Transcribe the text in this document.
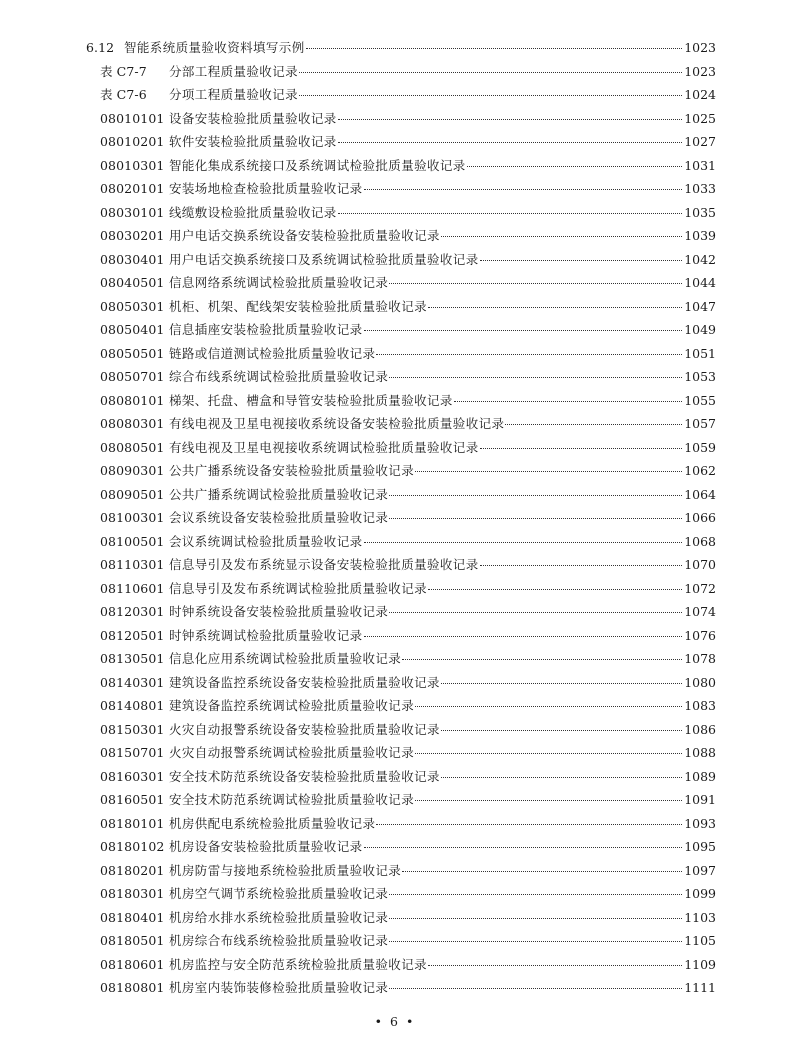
6.12 智能系统质量验收资料填写示例	1023
表 C7-7	分部工程质量验收记录	1023
表 C7-6	分项工程质量验收记录	1024
08010101 设备安装检验批质量验收记录	1025
08010201 软件安装检验批质量验收记录	1027
08010301 智能化集成系统接口及系统调试检验批质量验收记录	1031
08020101 安装场地检查检验批质量验收记录	1033
08030101 线缆敷设检验批质量验收记录	1035
08030201 用户电话交换系统设备安装检验批质量验收记录	1039
08030401 用户电话交换系统接口及系统调试检验批质量验收记录	1042
08040501 信息网络系统调试检验批质量验收记录	1044
08050301 机柜、机架、配线架安装检验批质量验收记录	1047
08050401 信息插座安装检验批质量验收记录	1049
08050501 链路或信道测试检验批质量验收记录	1051
08050701 综合布线系统调试检验批质量验收记录	1053
08080101 梯架、托盘、槽盒和导管安装检验批质量验收记录	1055
08080301 有线电视及卫星电视接收系统设备安装检验批质量验收记录	1057
08080501 有线电视及卫星电视接收系统调试检验批质量验收记录	1059
08090301 公共广播系统设备安装检验批质量验收记录	1062
08090501 公共广播系统调试检验批质量验收记录	1064
08100301 会议系统设备安装检验批质量验收记录	1066
08100501 会议系统调试检验批质量验收记录	1068
08110301 信息导引及发布系统显示设备安装检验批质量验收记录	1070
08110601 信息导引及发布系统调试检验批质量验收记录	1072
08120301 时钟系统设备安装检验批质量验收记录	1074
08120501 时钟系统调试检验批质量验收记录	1076
08130501 信息化应用系统调试检验批质量验收记录	1078
08140301 建筑设备监控系统设备安装检验批质量验收记录	1080
08140801 建筑设备监控系统调试检验批质量验收记录	1083
08150301 火灾自动报警系统设备安装检验批质量验收记录	1086
08150701 火灾自动报警系统调试检验批质量验收记录	1088
08160301 安全技术防范系统设备安装检验批质量验收记录	1089
08160501 安全技术防范系统调试检验批质量验收记录	1091
08180101 机房供配电系统检验批质量验收记录	1093
08180102 机房设备安装检验批质量验收记录	1095
08180201 机房防雷与接地系统检验批质量验收记录	1097
08180301 机房空气调节系统检验批质量验收记录	1099
08180401 机房给水排水系统检验批质量验收记录	1103
08180501 机房综合布线系统检验批质量验收记录	1105
08180601 机房监控与安全防范系统检验批质量验收记录	1109
08180801 机房室内装饰装修检验批质量验收记录	1111
• 6 •
